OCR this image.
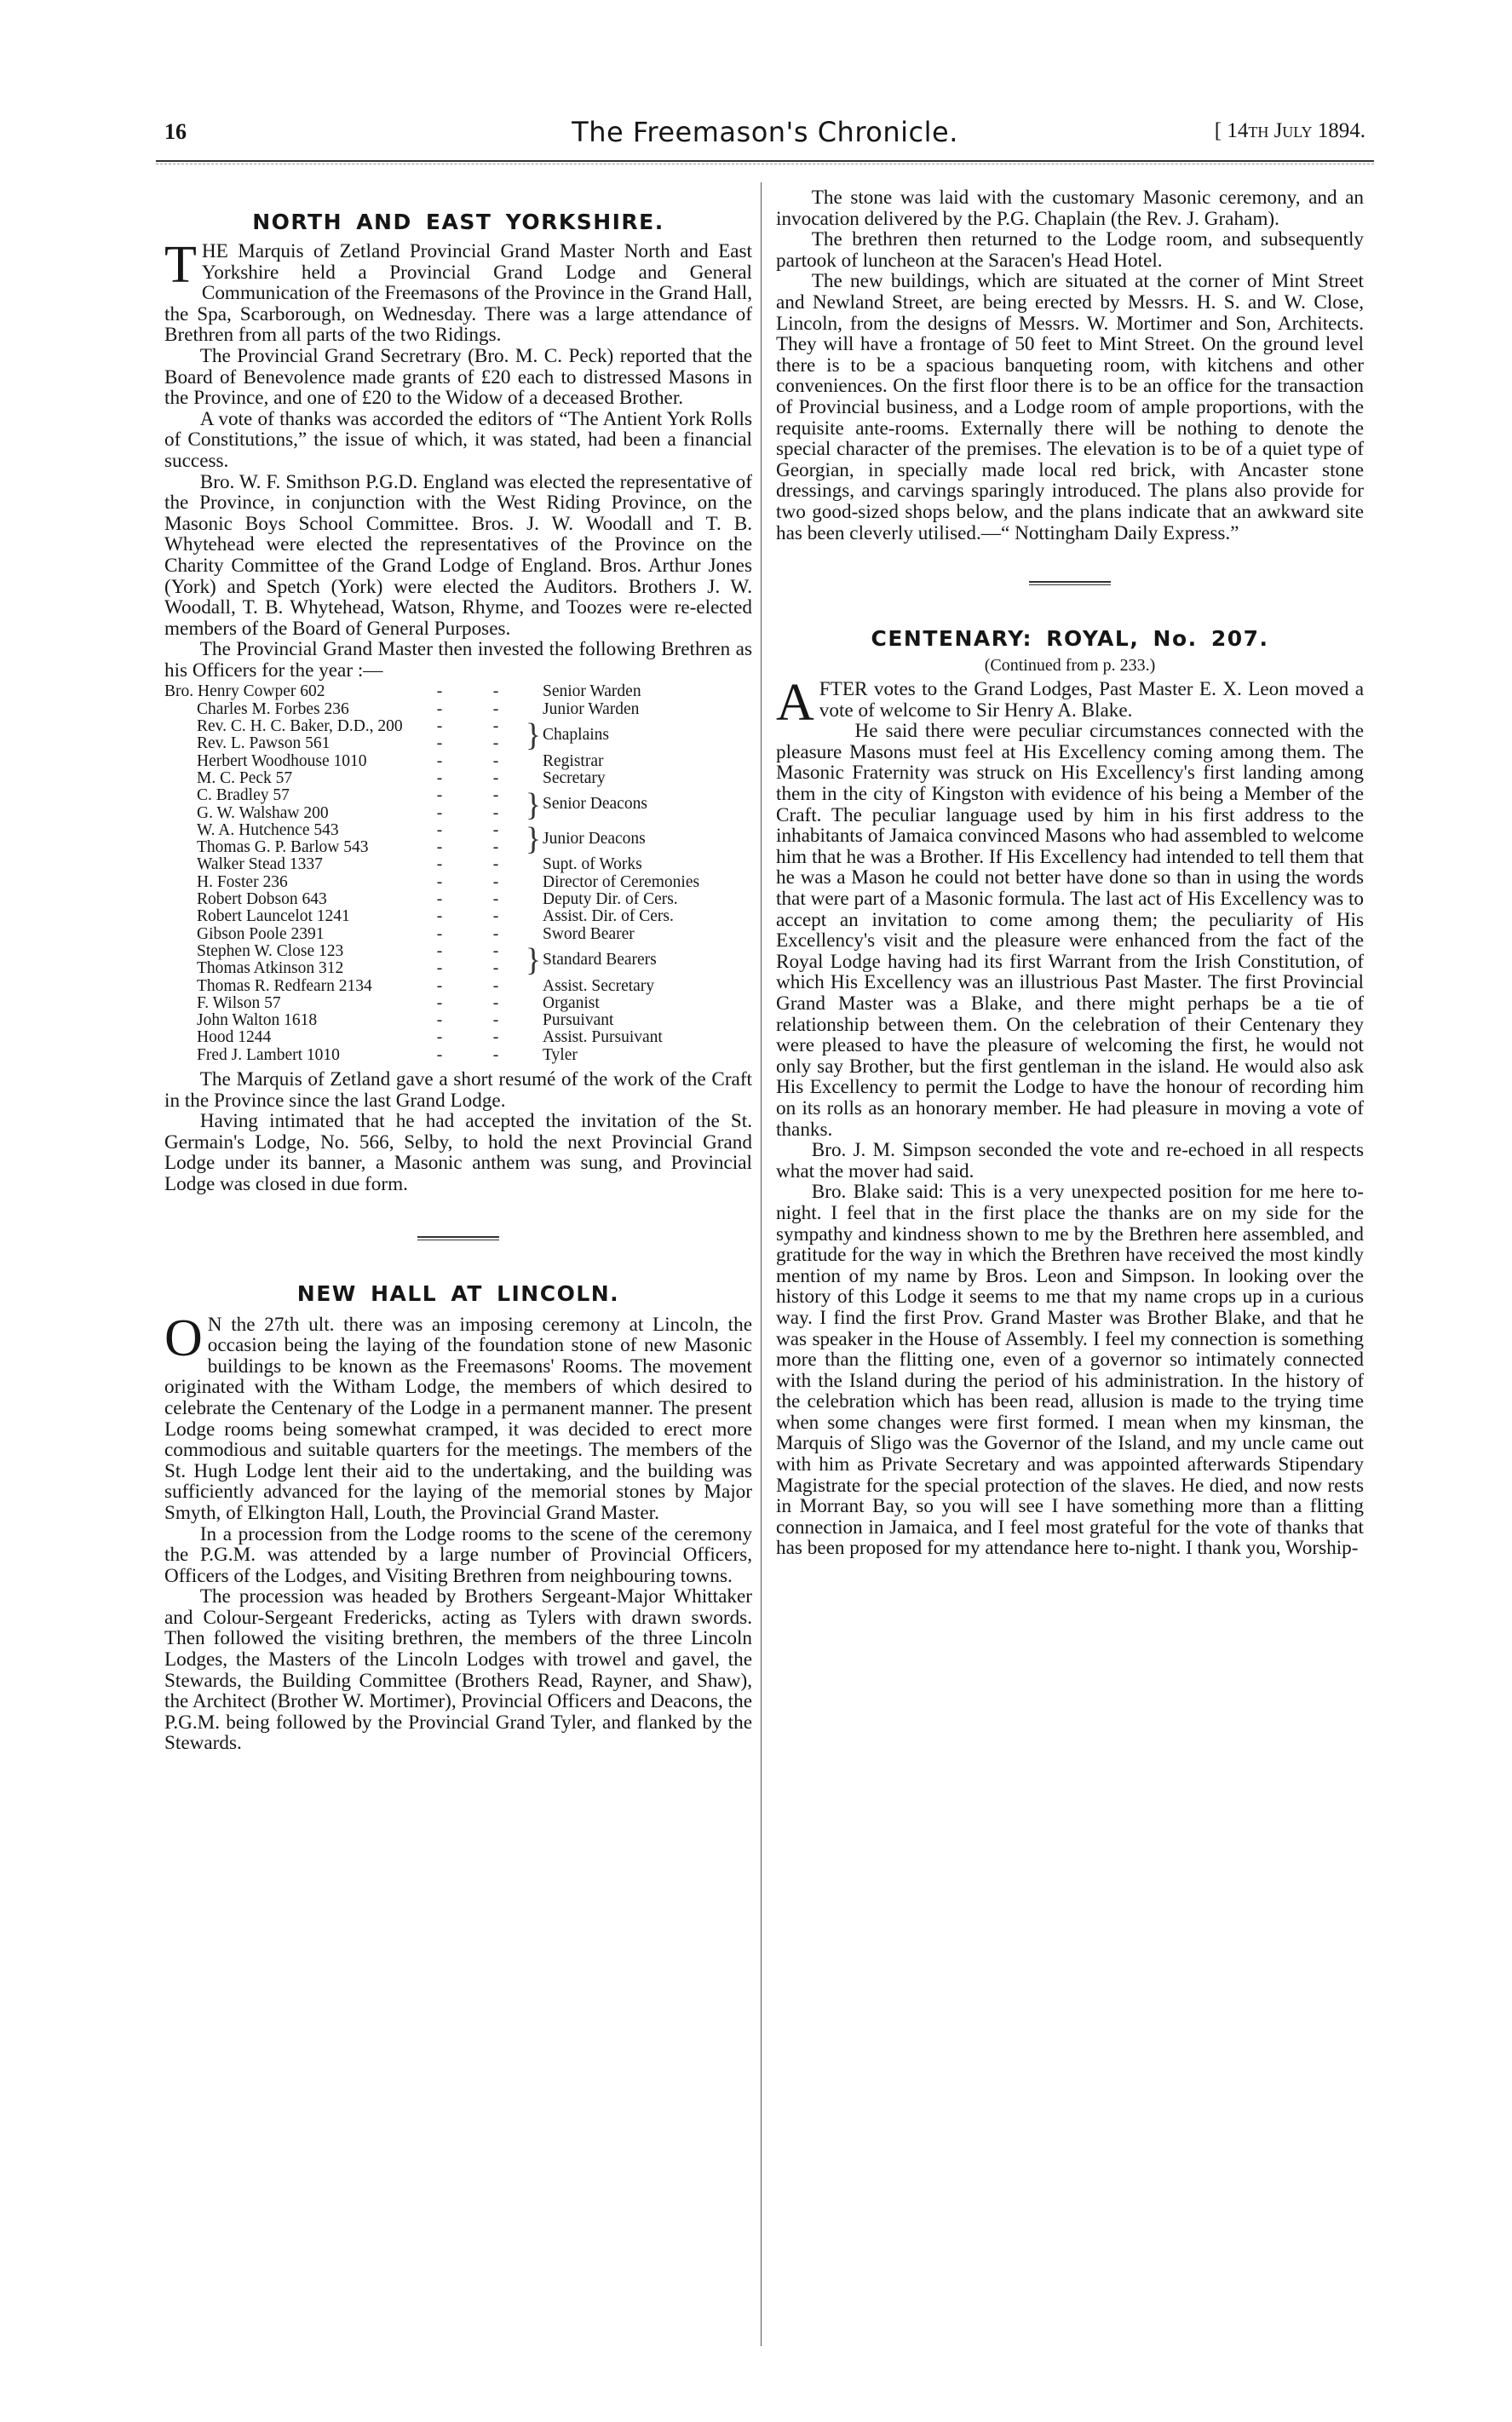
16	The Freemason's Chronicle.	[ 14th July 1894.
NORTH AND EAST YORKSHIRE.

THE Marquis of Zetland Provincial Grand Master North and East Yorkshire held a Provincial Grand Lodge and General Communication of the Freemasons of the Province in the Grand Hall, the Spa, Scarborough, on Wednesday. There was a large attendance of Brethren from all parts of the two Ridings.

The Provincial Grand Secretrary (Bro. M. C. Peck) reported that the Board of Benevolence made grants of £20 each to distressed Masons in the Province, and one of £20 to the Widow of a deceased Brother.

A vote of thanks was accorded the editors of “The Antient York Rolls of Constitutions,” the issue of which, it was stated, had been a financial success.

Bro. W. F. Smithson P.G.D. England was elected the representative of the Province, in conjunction with the West Riding Province, on the Masonic Boys School Committee. Bros. J. W. Woodall and T. B. Whytehead were elected the representatives of the Province on the Charity Committee of the Grand Lodge of England. Bros. Arthur Jones (York) and Spetch (York) were elected the Auditors. Brothers J. W. Woodall, T. B. Whytehead, Watson, Rhyme, and Toozes were re-elected members of the Board of General Purposes.

The Provincial Grand Master then invested the following Brethren as his Officers for the year :—

Bro. Henry Cowper 602	-	-	Senior Warden
Charles M. Forbes 236	-	-	Junior Warden
Rev. C. H. C. Baker, D.D., 200	-	-
Rev. L. Pawson 561	-	- } Chaplains
Herbert Woodhouse 1010	-	-	Registrar
M. C. Peck 57	-	-	Secretary
C. Bradley 57	-	-
G. W. Walshaw 200	-	- } Senior Deacons
W. A. Hutchence 543	-	-
Thomas G. P. Barlow 543	-	- } Junior Deacons
Walker Stead 1337	-	-	Supt. of Works
H. Foster 236	-	-	Director of Ceremonies
Robert Dobson 643	-	-	Deputy Dir. of Cers.
Robert Launcelot 1241	-	-	Assist. Dir. of Cers.
Gibson Poole 2391	-	-	Sword Bearer
Stephen W. Close 123	-	-
Thomas Atkinson 312	-	- } Standard Bearers
Thomas R. Redfearn 2134	-	-	Assist. Secretary
F. Wilson 57	-	-	Organist
John Walton 1618	-	-	Pursuivant
Hood 1244	-	-	Assist. Pursuivant
Fred J. Lambert 1010	-	-	Tyler

The Marquis of Zetland gave a short resumé of the work of the Craft in the Province since the last Grand Lodge.

Having intimated that he had accepted the invitation of the St. Germain's Lodge, No. 566, Selby, to hold the next Provincial Grand Lodge under its banner, a Masonic anthem was sung, and Provincial Lodge was closed in due form.

NEW HALL AT LINCOLN.

O N the 27th ult. there was an imposing ceremony at Lincoln, the occasion being the laying of the foundation stone of new Masonic buildings to be known as the Freemasons' Rooms. The movement originated with the Witham Lodge, the members of which desired to celebrate the Centenary of the Lodge in a permanent manner. The present Lodge rooms being somewhat cramped, it was decided to erect more commodious and suitable quarters for the meetings. The members of the St. Hugh Lodge lent their aid to the undertaking, and the building was sufficiently advanced for the laying of the memorial stones by Major Smyth, of Elkington Hall, Louth, the Provincial Grand Master.

In a procession from the Lodge rooms to the scene of the ceremony the P.G.M. was attended by a large number of Provincial Officers, Officers of the Lodges, and Visiting Brethren from neighbouring towns.

The procession was headed by Brothers Sergeant-Major Whittaker and Colour-Sergeant Fredericks, acting as Tylers with drawn swords. Then followed the visiting brethren, the members of the three Lincoln Lodges, the Masters of the Lincoln Lodges with trowel and gavel, the Stewards, the Building Committee (Brothers Read, Rayner, and Shaw), the Architect (Brother W. Mortimer), Provincial Officers and Deacons, the P.G.M. being followed by the Provincial Grand Tyler, and flanked by the Stewards.

The stone was laid with the customary Masonic ceremony, and an invocation delivered by the P.G. Chaplain (the Rev. J. Graham).

The brethren then returned to the Lodge room, and subsequently partook of luncheon at the Saracen's Head Hotel.

The new buildings, which are situated at the corner of Mint Street and Newland Street, are being erected by Messrs. H. S. and W. Close, Lincoln, from the designs of Messrs. W. Mortimer and Son, Architects. They will have a frontage of 50 feet to Mint Street. On the ground level there is to be a spacious banqueting room, with kitchens and other conveniences. On the first floor there is to be an office for the transaction of Provincial business, and a Lodge room of ample proportions, with the requisite ante-rooms. Externally there will be nothing to denote the special character of the premises. The elevation is to be of a quiet type of Georgian, in specially made local red brick, with Ancaster stone dressings, and carvings sparingly introduced. The plans also provide for two good-sized shops below, and the plans indicate that an awkward site has been cleverly utilised.—“ Nottingham Daily Express.”

CENTENARY: ROYAL, No. 207.
(Continued from p. 233.)

AFTER votes to the Grand Lodges, Past Master E. X. Leon moved a vote of welcome to Sir Henry A. Blake.

He said there were peculiar circumstances connected with the pleasure Masons must feel at His Excellency coming among them. The Masonic Fraternity was struck on His Excellency's first landing among them in the city of Kingston with evidence of his being a Member of the Craft. The peculiar language used by him in his first address to the inhabitants of Jamaica convinced Masons who had assembled to welcome him that he was a Brother. If His Excellency had intended to tell them that he was a Mason he could not better have done so than in using the words that were part of a Masonic formula. The last act of His Excellency was to accept an invitation to come among them; the peculiarity of His Excellency's visit and the pleasure were enhanced from the fact of the Royal Lodge having had its first Warrant from the Irish Constitution, of which His Excellency was an illustrious Past Master. The first Provincial Grand Master was a Blake, and there might perhaps be a tie of relationship between them. On the celebration of their Centenary they were pleased to have the pleasure of welcoming the first, he would not only say Brother, but the first gentleman in the island. He would also ask His Excellency to permit the Lodge to have the honour of recording him on its rolls as an honorary member. He had pleasure in moving a vote of thanks.

Bro. J. M. Simpson seconded the vote and re-echoed in all respects what the mover had said.

Bro. Blake said: This is a very unexpected position for me here to-night. I feel that in the first place the thanks are on my side for the sympathy and kindness shown to me by the Brethren here assembled, and gratitude for the way in which the Brethren have received the most kindly mention of my name by Bros. Leon and Simpson. In looking over the history of this Lodge it seems to me that my name crops up in a curious way. I find the first Prov. Grand Master was Brother Blake, and that he was speaker in the House of Assembly. I feel my connection is something more than the flitting one, even of a governor so intimately connected with the Island during the period of his administration. In the history of the celebration which has been read, allusion is made to the trying time when some changes were first formed. I mean when my kinsman, the Marquis of Sligo was the Governor of the Island, and my uncle came out with him as Private Secretary and was appointed afterwards Stipendary Magistrate for the special protection of the slaves. He died, and now rests in Morrant Bay, so you will see I have something more than a flitting connection in Jamaica, and I feel most grateful for the vote of thanks that has been proposed for my attendance here to-night. I thank you, Worship-
